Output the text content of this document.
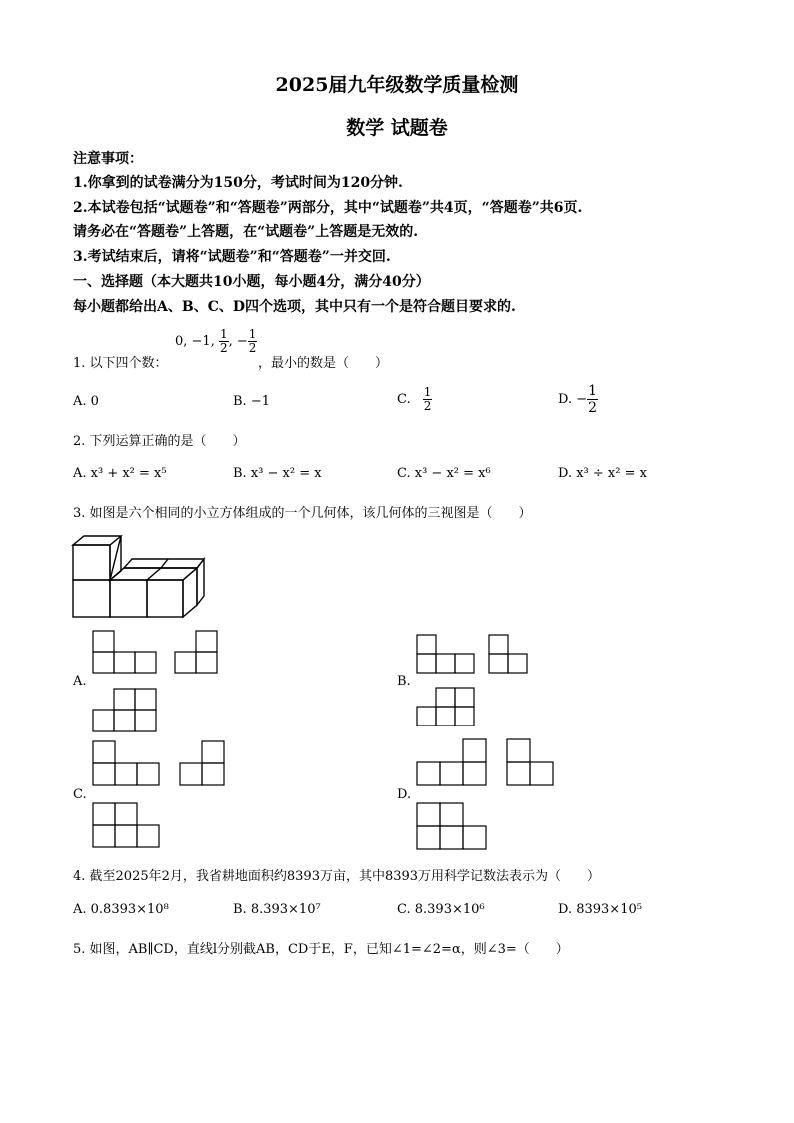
2025届九年级数学质量检测
数学 试题卷
注意事项：
1.你拿到的试卷满分为150分，考试时间为120分钟.
2.本试卷包括“试题卷”和“答题卷”两部分，其中“试题卷”共4页，“答题卷”共6页.
请务必在“答题卷”上答题，在“试题卷”上答题是无效的.
3.考试结束后，请将“试题卷”和“答题卷”一并交回.
一、选择题（本大题共10小题，每小题4分，满分40分）
每小题都给出A、B、C、D四个选项，其中只有一个是符合题目要求的.
1. 以下四个数：
0, −1, $\frac{1}{2}$ , − $\frac{1}{2}$
，最小的数是（　　）
A. 0	B. −1	C. $\frac{1}{2}$	D. − $\frac{1}{2}$
2. 下列运算正确的是（　　）
A. x³ + x² = x⁵	B. x³ − x² = x	C. x³ − x² = x⁶	D. x³ ÷ x² = x
3. 如图是六个相同的小立方体组成的一个几何体，该几何体的三视图是（　　）
A.	B.
C.	D.
4. 截至2025年2月，我省耕地面积约8393万亩，其中8393万用科学记数法表示为（　　）
A. 0.8393×10⁸	B. 8.393×10⁷	C. 8.393×10⁶	D. 8393×10⁵
5. 如图，AB∥CD，直线l分别截AB，CD于E，F，已知∠1=∠2=α，则∠3=（　　）
